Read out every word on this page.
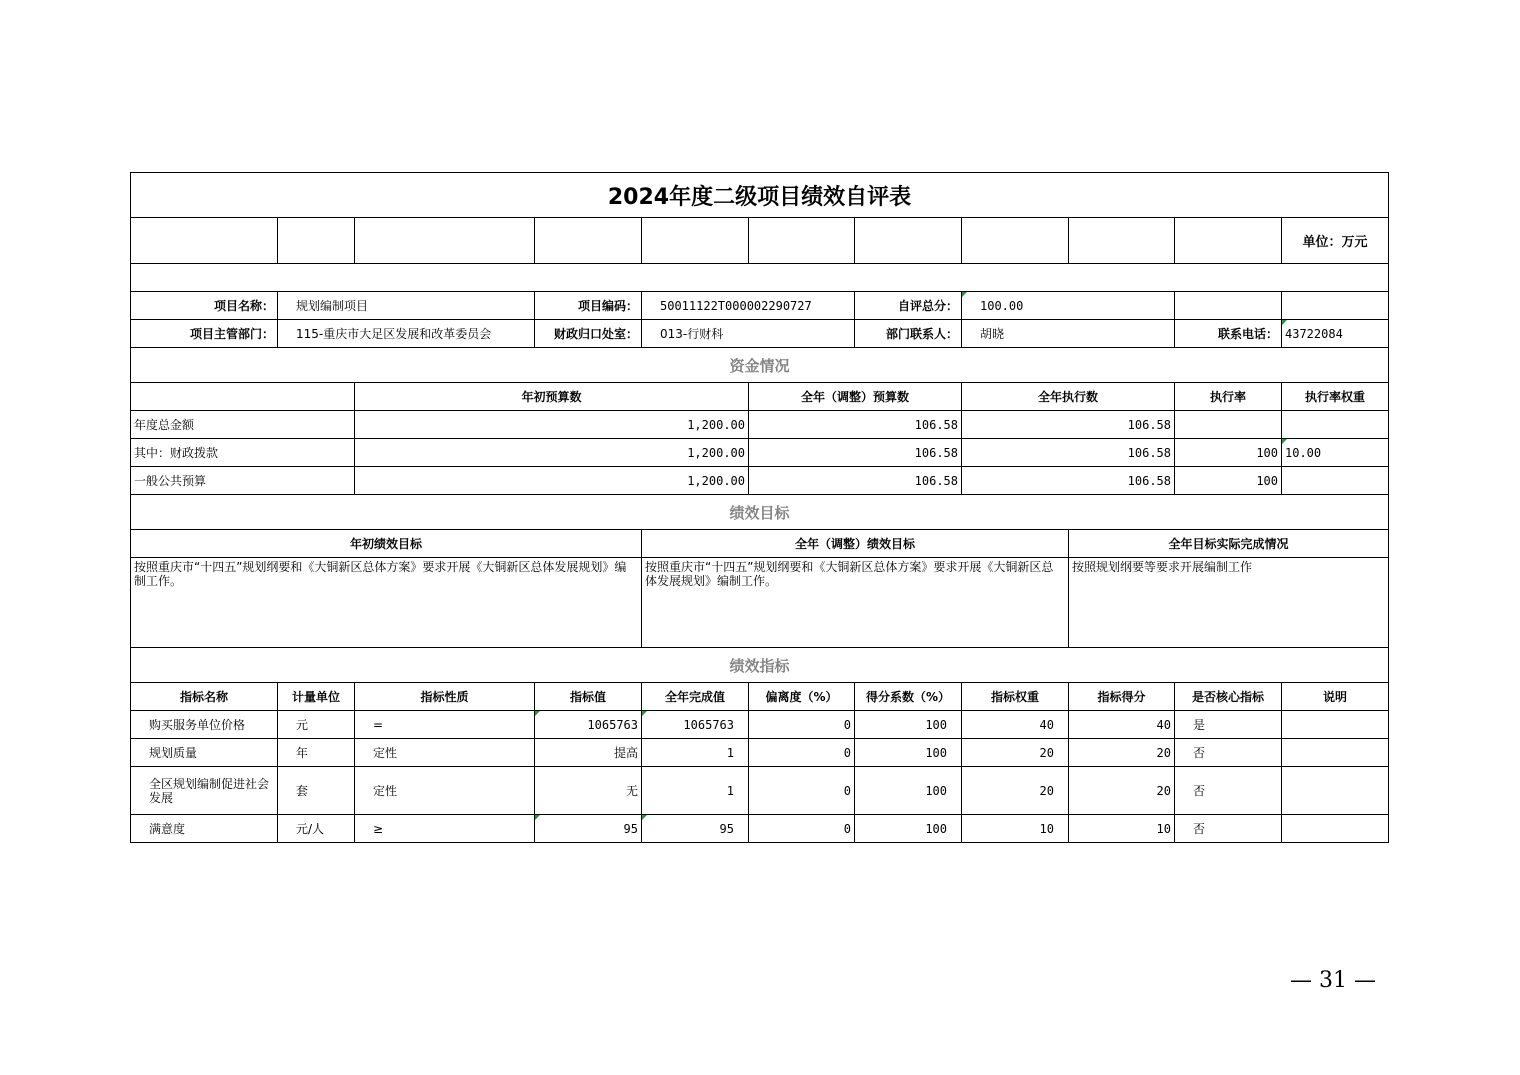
2024年度二级项目绩效自评表											
										单位：万元	

项目名称：	规划编制项目		项目编码：	50011122T000002290727		自评总分：	100.00				
项目主管部门：	115-重庆市大足区发展和改革委员会		财政归口处室：	013-行财科		部门联系人：	胡晓		联系电话：	43722084	
资金情况											
		年初预算数			全年（调整）预算数		全年执行数		执行率	执行率权重	
年度总金额		1,200.00			106.58		106.58				
其中：财政拨款		1,200.00			106.58		106.58		100	10.00	
一般公共预算		1,200.00			106.58		106.58		100		
绩效目标											
年初绩效目标				全年（调整）绩效目标				全年目标实际完成情况			
按照重庆市“十四五”规划纲要和《大铜新区总体方案》要求开展《大铜新区总体发展规划》编制工作。				按照重庆市“十四五”规划纲要和《大铜新区总体方案》要求开展《大铜新区总体发展规划》编制工作。				按照规划纲要等要求开展编制工作			
绩效指标											
指标名称	计量单位	指标性质	指标值	全年完成值	偏离度（%）	得分系数（%）	指标权重	指标得分	是否核心指标	说明	
购买服务单位价格	元	=	1065763	1065763	0	100	40	40	是		
规划质量	年	定性	提高	1	0	100	20	20	否		
全区规划编制促进社会发展	套	定性	无	1	0	100	20	20	否		
满意度	元/人	≥	95	95	0	100	10	10	否		
— 31 —
